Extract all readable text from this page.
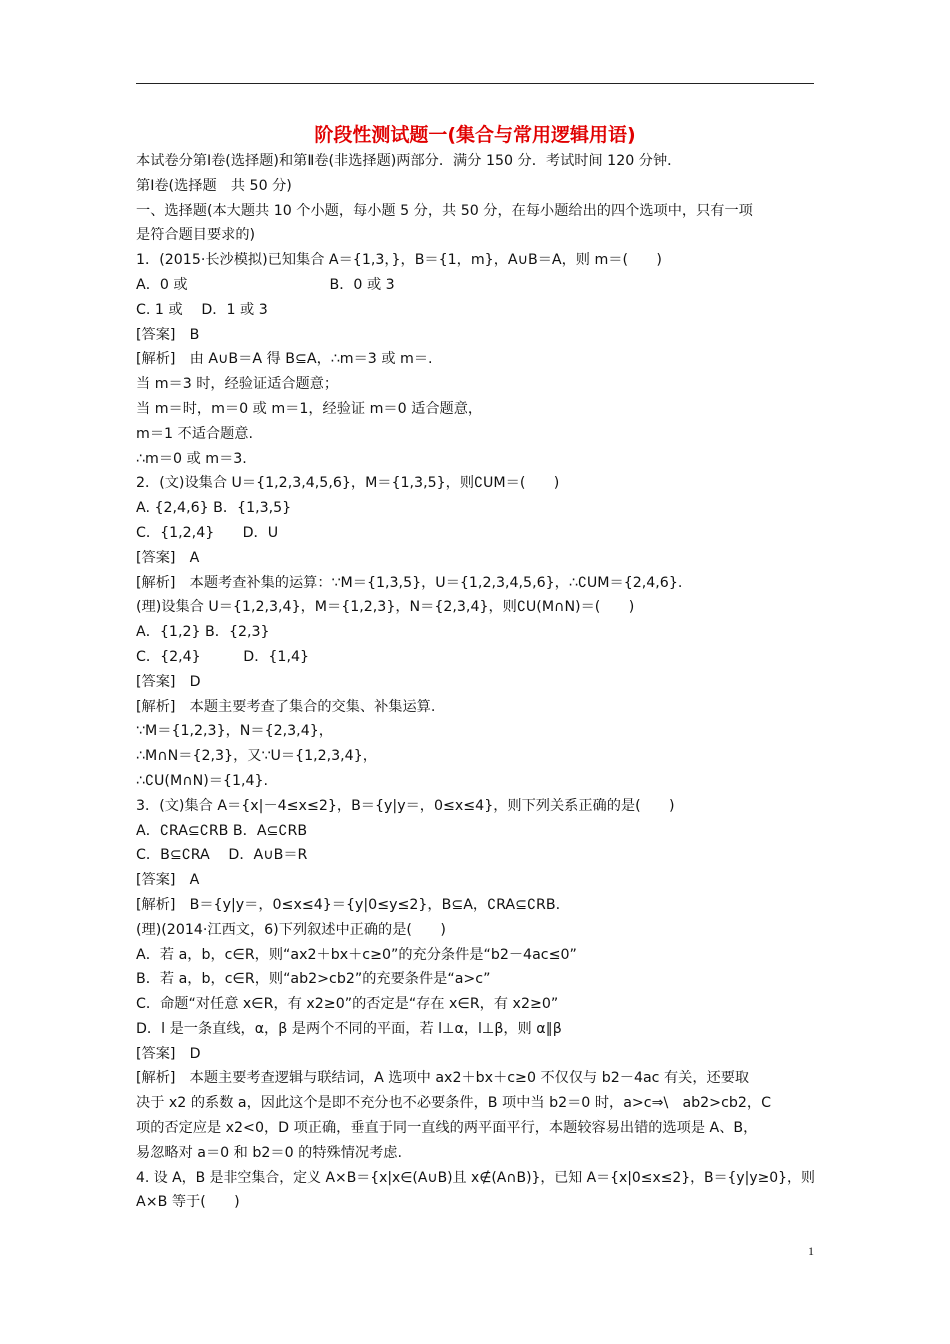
阶段性测试题一(集合与常用逻辑用语)
本试卷分第Ⅰ卷(选择题)和第Ⅱ卷(非选择题)两部分．满分 150 分．考试时间 120 分钟．
第Ⅰ卷(选择题　共 50 分)
一、选择题(本大题共 10 个小题，每小题 5 分，共 50 分，在每小题给出的四个选项中，只有一项
是符合题目要求的)
1．(2015·长沙模拟)已知集合 A＝{1,3，}，B＝{1，m}，A∪B＝A，则 m＝(　　)
A．0 或　　　　　　　　　　B．0 或 3
C. 1 或　 D．1 或 3
[答案]　B
[解析]　由 A∪B＝A 得 B⊆A，∴m＝3 或 m＝.
当 m＝3 时，经验证适合题意；
当 m＝时，m＝0 或 m＝1，经验证 m＝0 适合题意，
m＝1 不适合题意.
∴m＝0 或 m＝3.
2．(文)设集合 U＝{1,2,3,4,5,6}，M＝{1,3,5}，则∁UM＝(　　)
A. {2,4,6} B．{1,3,5}
C．{1,2,4}　　D．U
[答案]　A
[解析]　本题考查补集的运算：∵M＝{1,3,5}，U＝{1,2,3,4,5,6}，∴∁UM＝{2,4,6}.
(理)设集合 U＝{1,2,3,4}，M＝{1,2,3}，N＝{2,3,4}，则∁U(M∩N)＝(　　)
A．{1,2} B．{2,3}
C．{2,4}　　　D．{1,4}
[答案]　D
[解析]　本题主要考查了集合的交集、补集运算.
∵M＝{1,2,3}，N＝{2,3,4}，
∴M∩N＝{2,3}，又∵U＝{1,2,3,4}，
∴∁U(M∩N)＝{1,4}.
3．(文)集合 A＝{x|－4≤x≤2}，B＝{y|y＝，0≤x≤4}，则下列关系正确的是(　　)
A．∁RA⊆∁RB B．A⊆∁RB
C．B⊆∁RA　 D．A∪B＝R
[答案]　A
[解析]　B＝{y|y＝，0≤x≤4}＝{y|0≤y≤2}，B⊆A，∁RA⊆∁RB.
(理)(2014·江西文，6)下列叙述中正确的是(　　)
A．若 a，b，c∈R，则“ax2＋bx＋c≥0”的充分条件是“b2－4ac≤0”
B．若 a，b，c∈R，则“ab2>cb2”的充要条件是“a>c”
C．命题“对任意 x∈R，有 x2≥0”的否定是“存在 x∈R，有 x2≥0”
D．l 是一条直线，α，β 是两个不同的平面，若 l⊥α，l⊥β，则 α∥β
[答案]　D
[解析]　本题主要考查逻辑与联结词，A 选项中 ax2＋bx＋c≥0 不仅仅与 b2－4ac 有关，还要取
决于 x2 的系数 a，因此这个是即不充分也不必要条件，B 项中当 b2＝0 时，a>c⇒\　ab2>cb2，C
项的否定应是 x2<0，D 项正确，垂直于同一直线的两平面平行，本题较容易出错的选项是 A、B，
易忽略对 a＝0 和 b2＝0 的特殊情况考虑.
4. 设 A，B 是非空集合，定义 A×B＝{x|x∈(A∪B)且 x∉(A∩B)}，已知 A＝{x|0≤x≤2}，B＝{y|y≥0}，则
A×B 等于(　　)
1
